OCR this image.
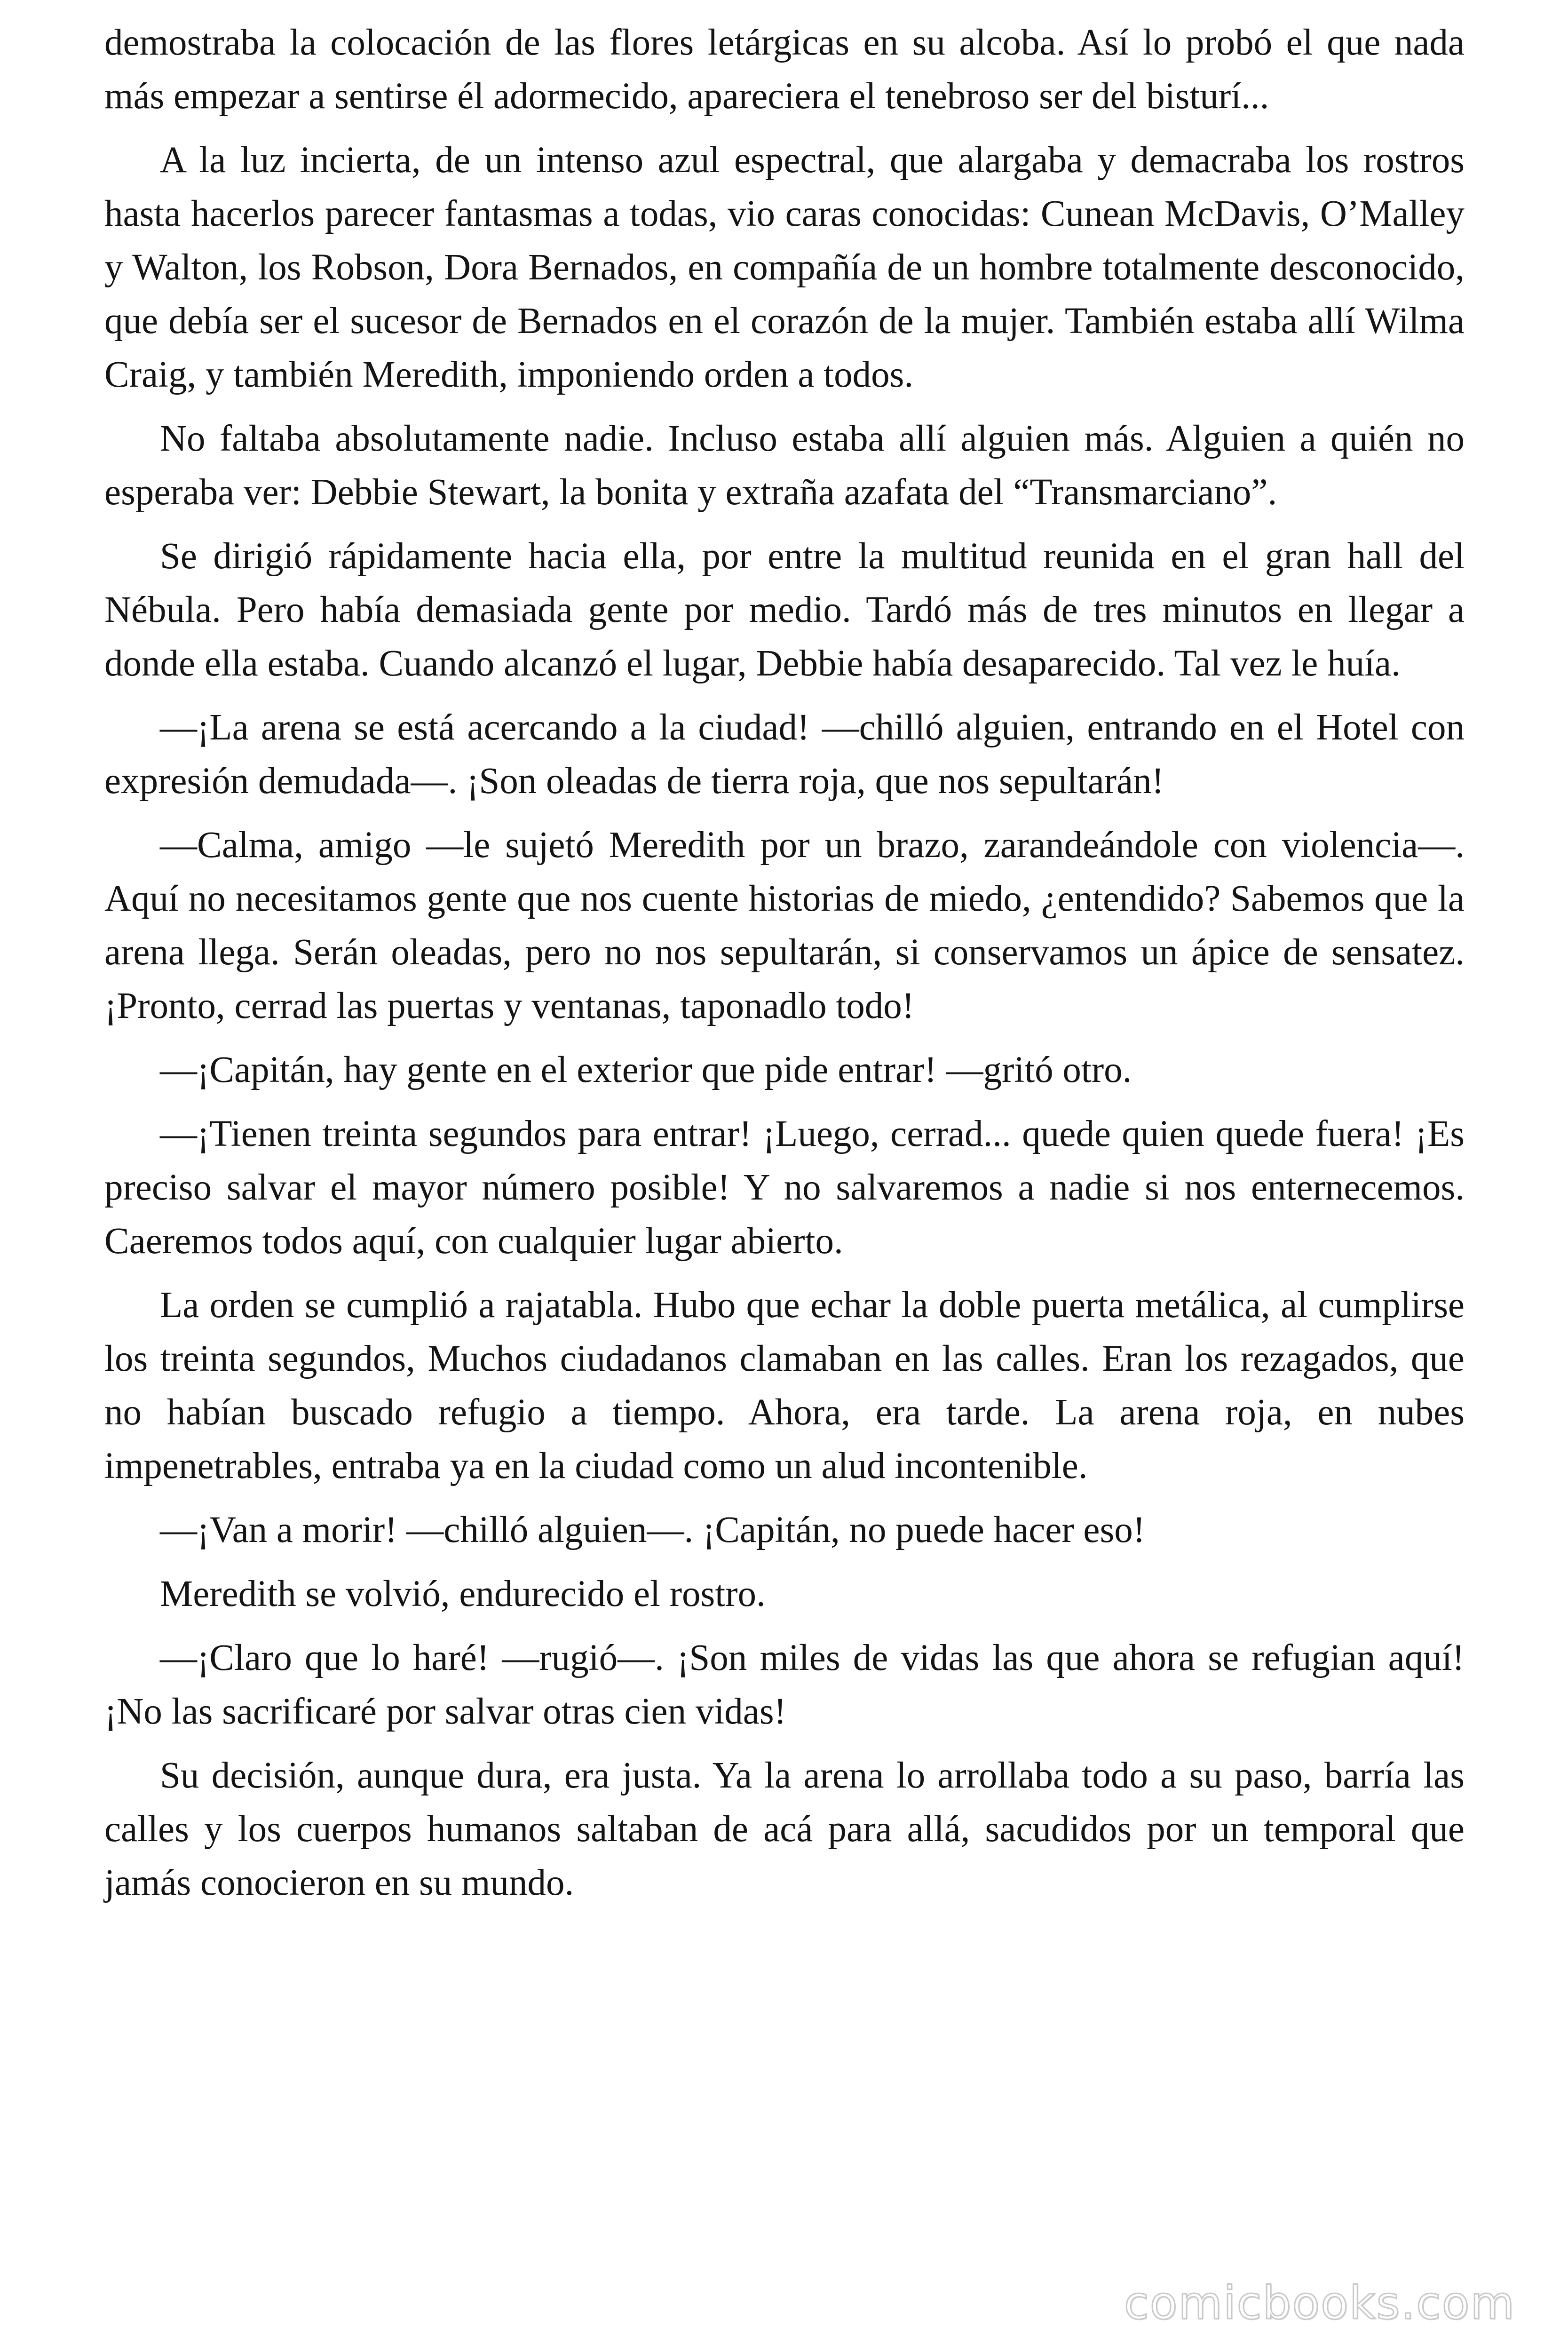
demostraba la colocación de las flores letárgicas en su alcoba. Así lo probó el que nada más empezar a sentirse él adormecido, apareciera el tenebroso ser del bisturí...

A la luz incierta, de un intenso azul espectral, que alargaba y demacraba los rostros hasta hacerlos parecer fantasmas a todas, vio caras conocidas: Cunean McDavis, O’Malley y Walton, los Robson, Dora Bernados, en compañía de un hombre totalmente desconocido, que debía ser el sucesor de Bernados en el corazón de la mujer. También estaba allí Wilma Craig, y también Meredith, imponiendo orden a todos.

No faltaba absolutamente nadie. Incluso estaba allí alguien más. Alguien a quién no esperaba ver: Debbie Stewart, la bonita y extraña azafata del “Transmarciano”.

Se dirigió rápidamente hacia ella, por entre la multitud reunida en el gran hall del Nébula. Pero había demasiada gente por medio. Tardó más de tres minutos en llegar a donde ella estaba. Cuando alcanzó el lugar, Debbie había desaparecido. Tal vez le huía.

—¡La arena se está acercando a la ciudad! —chilló alguien, entrando en el Hotel con expresión demudada—. ¡Son oleadas de tierra roja, que nos sepultarán!

—Calma, amigo —le sujetó Meredith por un brazo, zarandeándole con violencia—. Aquí no necesitamos gente que nos cuente historias de miedo, ¿entendido? Sabemos que la arena llega. Serán oleadas, pero no nos sepultarán, si conservamos un ápice de sensatez. ¡Pronto, cerrad las puertas y ventanas, taponadlo todo!

—¡Capitán, hay gente en el exterior que pide entrar! —gritó otro.

—¡Tienen treinta segundos para entrar! ¡Luego, cerrad... quede quien quede fuera! ¡Es preciso salvar el mayor número posible! Y no salvaremos a nadie si nos enternecemos. Caeremos todos aquí, con cualquier lugar abierto.

La orden se cumplió a rajatabla. Hubo que echar la doble puerta metálica, al cumplirse los treinta segundos, Muchos ciudadanos clamaban en las calles. Eran los rezagados, que no habían buscado refugio a tiempo. Ahora, era tarde. La arena roja, en nubes impenetrables, entraba ya en la ciudad como un alud incontenible.

—¡Van a morir! —chilló alguien—. ¡Capitán, no puede hacer eso!

Meredith se volvió, endurecido el rostro.

—¡Claro que lo haré! —rugió—. ¡Son miles de vidas las que ahora se refugian aquí! ¡No las sacrificaré por salvar otras cien vidas!

Su decisión, aunque dura, era justa. Ya la arena lo arrollaba todo a su paso, barría las calles y los cuerpos humanos saltaban de acá para allá, sacudidos por un temporal que jamás conocieron en su mundo.

comicbooks.com
